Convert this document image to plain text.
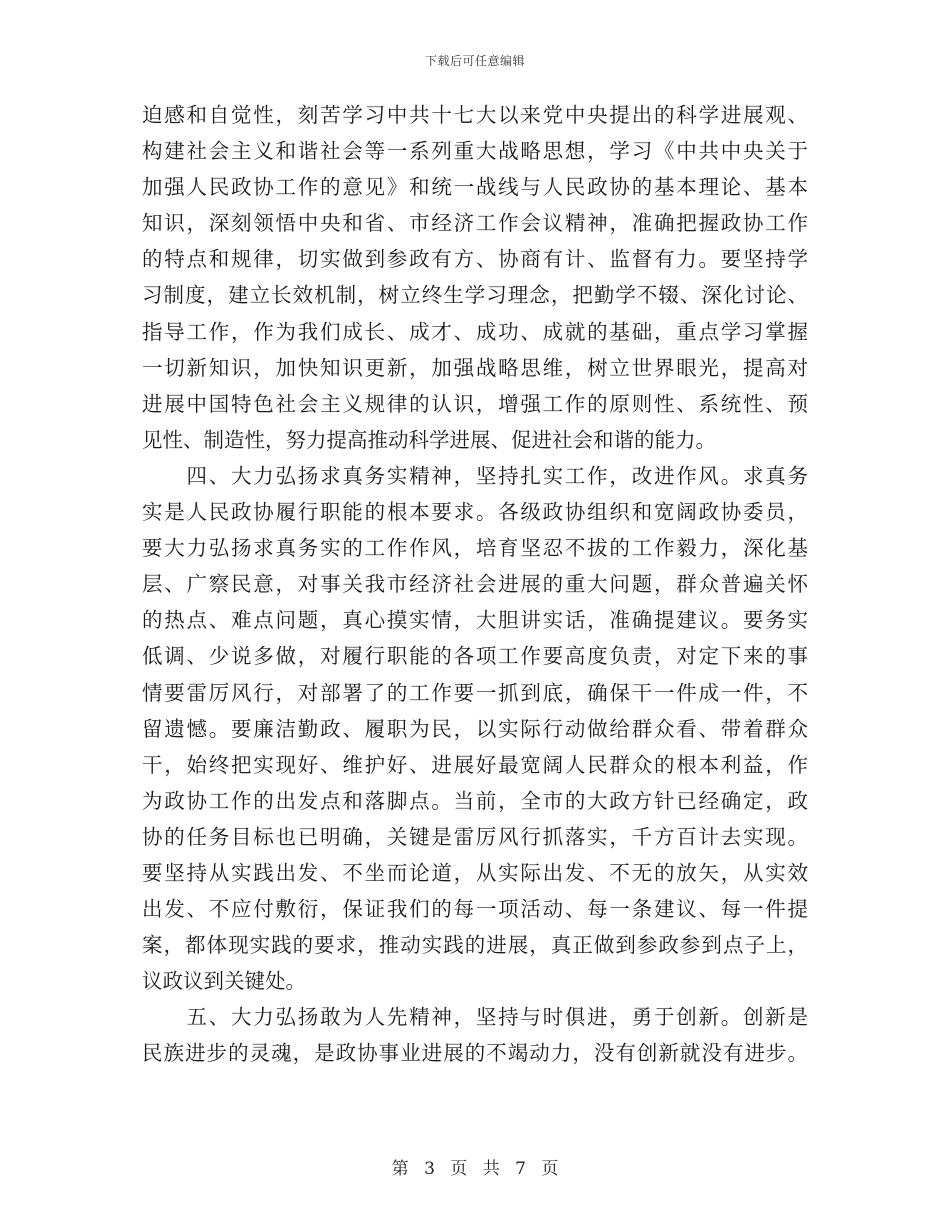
下载后可任意编辑
迫感和自觉性，刻苦学习中共十七大以来党中央提出的科学进展观、
构建社会主义和谐社会等一系列重大战略思想，学习《中共中央关于
加强人民政协工作的意见》和统一战线与人民政协的基本理论、基本
知识，深刻领悟中央和省、市经济工作会议精神，准确把握政协工作
的特点和规律，切实做到参政有方、协商有计、监督有力。要坚持学
习制度，建立长效机制，树立终生学习理念，把勤学不辍、深化讨论、
指导工作，作为我们成长、成才、成功、成就的基础，重点学习掌握
一切新知识，加快知识更新，加强战略思维，树立世界眼光，提高对
进展中国特色社会主义规律的认识，增强工作的原则性、系统性、预
见性、制造性，努力提高推动科学进展、促进社会和谐的能力。
　　四、大力弘扬求真务实精神，坚持扎实工作，改进作风。求真务
实是人民政协履行职能的根本要求。各级政协组织和宽阔政协委员，
要大力弘扬求真务实的工作作风，培育坚忍不拔的工作毅力，深化基
层、广察民意，对事关我市经济社会进展的重大问题，群众普遍关怀
的热点、难点问题，真心摸实情，大胆讲实话，准确提建议。要务实
低调、少说多做，对履行职能的各项工作要高度负责，对定下来的事
情要雷厉风行，对部署了的工作要一抓到底，确保干一件成一件，不
留遗憾。要廉洁勤政、履职为民，以实际行动做给群众看、带着群众
干，始终把实现好、维护好、进展好最宽阔人民群众的根本利益，作
为政协工作的出发点和落脚点。当前，全市的大政方针已经确定，政
协的任务目标也已明确，关键是雷厉风行抓落实，千方百计去实现。
要坚持从实践出发、不坐而论道，从实际出发、不无的放矢，从实效
出发、不应付敷衍，保证我们的每一项活动、每一条建议、每一件提
案，都体现实践的要求，推动实践的进展，真正做到参政参到点子上，
议政议到关键处。
　　五、大力弘扬敢为人先精神，坚持与时俱进，勇于创新。创新是
民族进步的灵魂，是政协事业进展的不竭动力，没有创新就没有进步。
第 3 页 共 7 页
